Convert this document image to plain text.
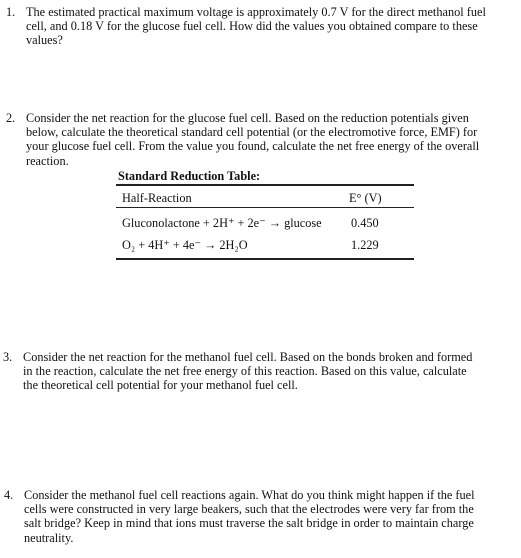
1. The estimated practical maximum voltage is approximately 0.7 V for the direct methanol fuel
cell, and 0.18 V for the glucose fuel cell. How did the values you obtained compare to these
values?
2. Consider the net reaction for the glucose fuel cell. Based on the reduction potentials given
below, calculate the theoretical standard cell potential (or the electromotive force, EMF) for
your glucose fuel cell. From the value you found, calculate the net free energy of the overall
reaction.
Standard Reduction Table:
Half-Reaction	E° (V)
Gluconolactone + 2H⁺ + 2e⁻ → glucose 0.450
O₂ + 4H⁺ + 4e⁻ → 2H₂O	1.229
3. Consider the net reaction for the methanol fuel cell. Based on the bonds broken and formed
in the reaction, calculate the net free energy of this reaction. Based on this value, calculate
the theoretical cell potential for your methanol fuel cell.
4. Consider the methanol fuel cell reactions again. What do you think might happen if the fuel
cells were constructed in very large beakers, such that the electrodes were very far from the
salt bridge? Keep in mind that ions must traverse the salt bridge in order to maintain charge
neutrality.
